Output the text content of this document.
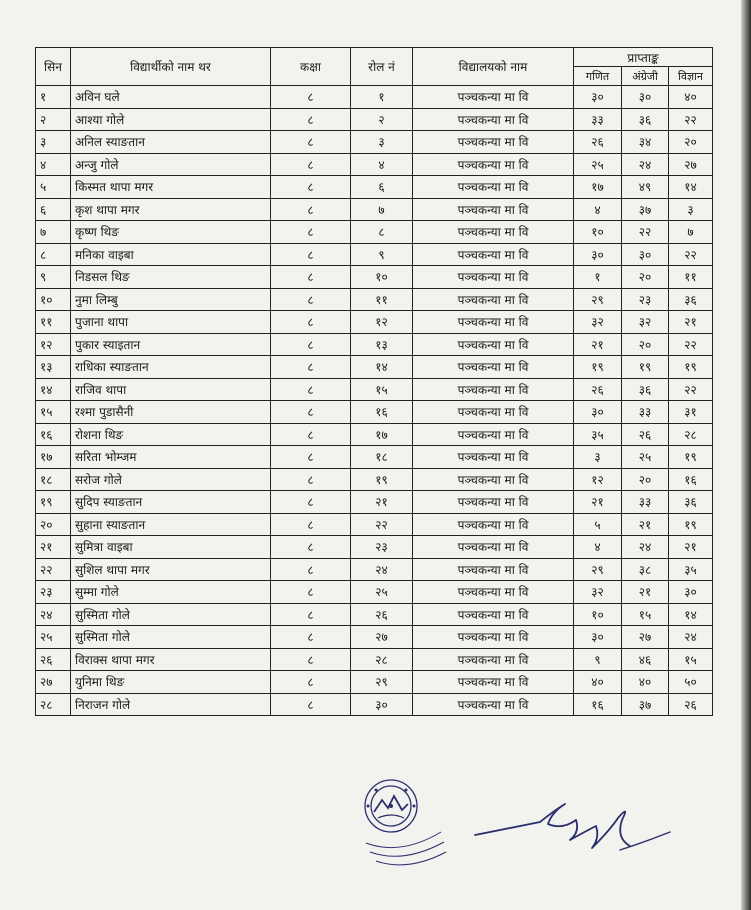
सिन	विद्यार्थीको नाम थर	कक्षा	रोल नं	विद्यालयको नाम	प्राप्ताङ्क		
					गणित	अंग्रेजी	विज्ञान
१	अविन घले	८	१	पञ्चकन्या मा वि	३०	३०	४०
२	आश्या गोले	८	२	पञ्चकन्या मा वि	३३	३६	२२
३	अनिल स्याङतान	८	३	पञ्चकन्या मा वि	२६	३४	२०
४	अन्जु गोले	८	४	पञ्चकन्या मा वि	२५	२४	२७
५	किस्मत थापा मगर	८	६	पञ्चकन्या मा वि	१७	४९	१४
६	कृश थापा मगर	८	७	पञ्चकन्या मा वि	४	३७	३
७	कृष्ण थिङ	८	८	पञ्चकन्या मा वि	१०	२२	७
८	मनिका वाइबा	८	९	पञ्चकन्या मा वि	३०	३०	२२
९	निडसल थिङ	८	१०	पञ्चकन्या मा वि	१	२०	११
१०	नुमा लिम्बु	८	११	पञ्चकन्या मा वि	२९	२३	३६
११	पुजाना थापा	८	१२	पञ्चकन्या मा वि	३२	३२	२१
१२	पुकार स्याइतान	८	१३	पञ्चकन्या मा वि	२१	२०	२२
१३	राधिका स्याङतान	८	१४	पञ्चकन्या मा वि	१९	१९	१९
१४	राजिव थापा	८	१५	पञ्चकन्या मा वि	२६	३६	२२
१५	रश्मा पुडासैनी	८	१६	पञ्चकन्या मा वि	३०	३३	३१
१६	रोशना थिङ	८	१७	पञ्चकन्या मा वि	३५	२६	२८
१७	सरिता भोम्जम	८	१८	पञ्चकन्या मा वि	३	२५	१९
१८	सरोज गोले	८	१९	पञ्चकन्या मा वि	१२	२०	१६
१९	सुदिप स्याङतान	८	२१	पञ्चकन्या मा वि	२१	३३	३६
२०	सुहाना स्याङतान	८	२२	पञ्चकन्या मा वि	५	२१	१९
२१	सुमित्रा वाइबा	८	२३	पञ्चकन्या मा वि	४	२४	२१
२२	सुशिल थापा मगर	८	२४	पञ्चकन्या मा वि	२९	३८	३५
२३	सुम्मा गोले	८	२५	पञ्चकन्या मा वि	३२	२१	३०
२४	सुस्मिता गोले	८	२६	पञ्चकन्या मा वि	१०	१५	१४
२५	सुस्मिता गोले	८	२७	पञ्चकन्या मा वि	३०	२७	२४
२६	विराक्स थापा मगर	८	२८	पञ्चकन्या मा वि	९	४६	१५
२७	युनिमा थिङ	८	२९	पञ्चकन्या मा वि	४०	४०	५०
२८	निराजन गोले	८	३०	पञ्चकन्या मा वि	१६	३७	२६
